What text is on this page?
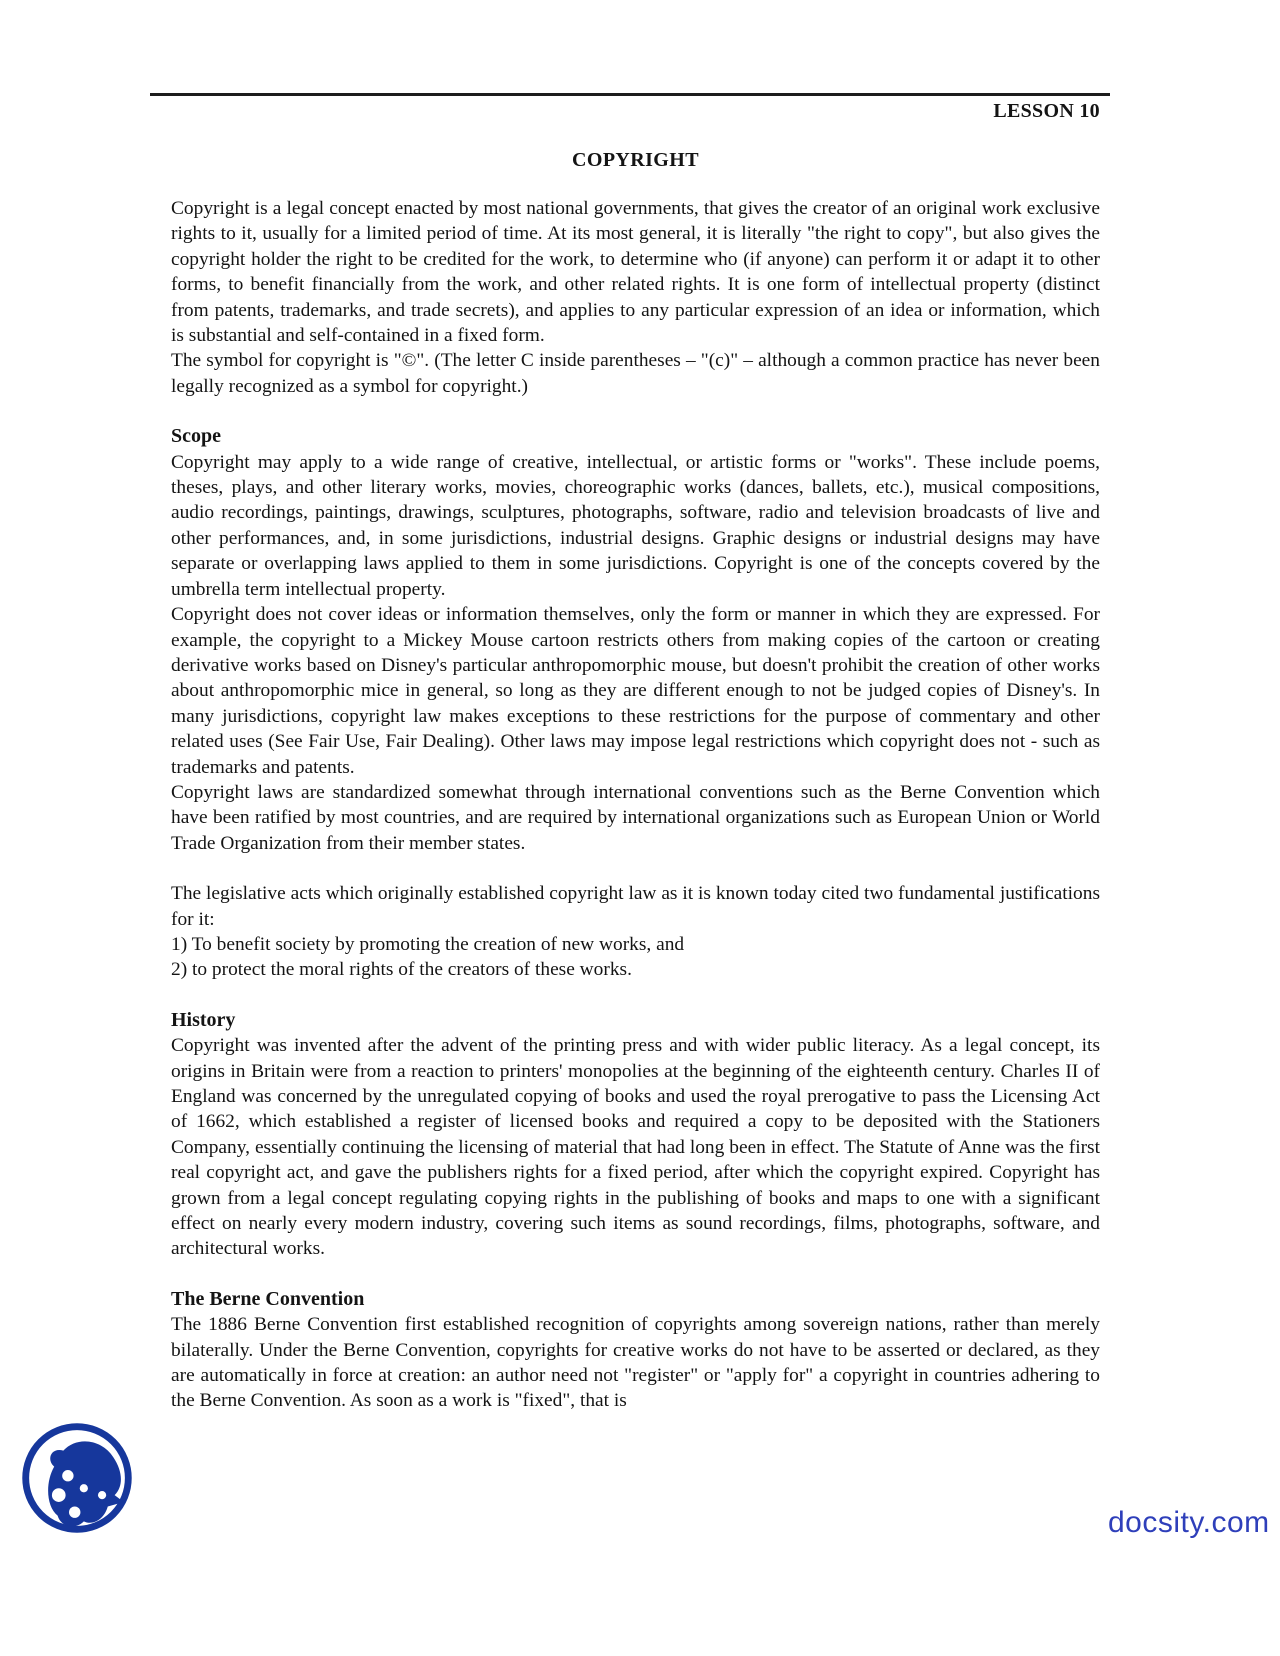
LESSON 10
COPYRIGHT

Copyright is a legal concept enacted by most national governments, that gives the creator of an original work exclusive rights to it, usually for a limited period of time. At its most general, it is literally "the right to copy", but also gives the copyright holder the right to be credited for the work, to determine who (if anyone) can perform it or adapt it to other forms, to benefit financially from the work, and other related rights. It is one form of intellectual property (distinct from patents, trademarks, and trade secrets), and applies to any particular expression of an idea or information, which is substantial and self-contained in a fixed form.

The symbol for copyright is "©". (The letter C inside parentheses – "(c)" – although a common practice has never been legally recognized as a symbol for copyright.)

Scope

Copyright may apply to a wide range of creative, intellectual, or artistic forms or "works". These include poems, theses, plays, and other literary works, movies, choreographic works (dances, ballets, etc.), musical compositions, audio recordings, paintings, drawings, sculptures, photographs, software, radio and television broadcasts of live and other performances, and, in some jurisdictions, industrial designs. Graphic designs or industrial designs may have separate or overlapping laws applied to them in some jurisdictions. Copyright is one of the concepts covered by the umbrella term intellectual property.

Copyright does not cover ideas or information themselves, only the form or manner in which they are expressed. For example, the copyright to a Mickey Mouse cartoon restricts others from making copies of the cartoon or creating derivative works based on Disney's particular anthropomorphic mouse, but doesn't prohibit the creation of other works about anthropomorphic mice in general, so long as they are different enough to not be judged copies of Disney's. In many jurisdictions, copyright law makes exceptions to these restrictions for the purpose of commentary and other related uses (See Fair Use, Fair Dealing). Other laws may impose legal restrictions which copyright does not - such as trademarks and patents.

Copyright laws are standardized somewhat through international conventions such as the Berne Convention which have been ratified by most countries, and are required by international organizations such as European Union or World Trade Organization from their member states.

The legislative acts which originally established copyright law as it is known today cited two fundamental justifications for it:

1) To benefit society by promoting the creation of new works, and

2) to protect the moral rights of the creators of these works.

History

Copyright was invented after the advent of the printing press and with wider public literacy. As a legal concept, its origins in Britain were from a reaction to printers' monopolies at the beginning of the eighteenth century. Charles II of England was concerned by the unregulated copying of books and used the royal prerogative to pass the Licensing Act of 1662, which established a register of licensed books and required a copy to be deposited with the Stationers Company, essentially continuing the licensing of material that had long been in effect. The Statute of Anne was the first real copyright act, and gave the publishers rights for a fixed period, after which the copyright expired. Copyright has grown from a legal concept regulating copying rights in the publishing of books and maps to one with a significant effect on nearly every modern industry, covering such items as sound recordings, films, photographs, software, and architectural works.

The Berne Convention

The 1886 Berne Convention first established recognition of copyrights among sovereign nations, rather than merely bilaterally. Under the Berne Convention, copyrights for creative works do not have to be asserted or declared, as they are automatically in force at creation: an author need not "register" or "apply for" a copyright in countries adhering to the Berne Convention. As soon as a work is "fixed", that is

docsity.com
